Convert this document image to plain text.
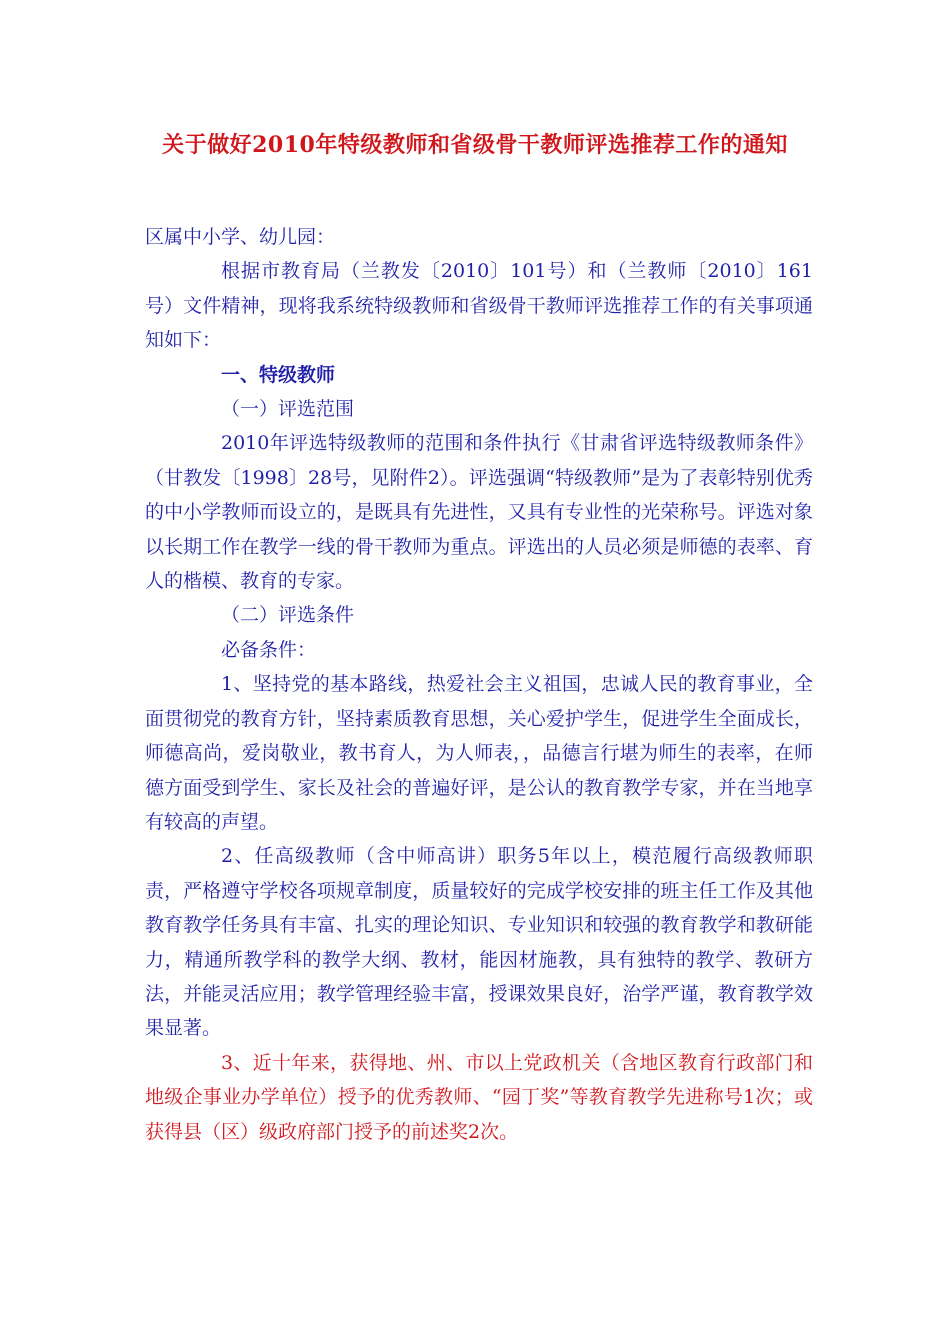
关于做好2010年特级教师和省级骨干教师评选推荐工作的通知

区属中小学、幼儿园：

根据市教育局（兰教发〔2010〕101号）和（兰教师〔2010〕161号）文件精神，现将我系统特级教师和省级骨干教师评选推荐工作的有关事项通知如下：

一、特级教师

（一）评选范围

2010年评选特级教师的范围和条件执行《甘肃省评选特级教师条件》（甘教发〔1998〕28号，见附件2）。评选强调“特级教师”是为了表彰特别优秀的中小学教师而设立的，是既具有先进性，又具有专业性的光荣称号。评选对象以长期工作在教学一线的骨干教师为重点。评选出的人员必须是师德的表率、育人的楷模、教育的专家。

（二）评选条件

必备条件：

1、坚持党的基本路线，热爱社会主义祖国，忠诚人民的教育事业，全面贯彻党的教育方针，坚持素质教育思想，关心爱护学生，促进学生全面成长，师德高尚，爱岗敬业，教书育人，为人师表，，品德言行堪为师生的表率，在师德方面受到学生、家长及社会的普遍好评，是公认的教育教学专家，并在当地享有较高的声望。

2、任高级教师（含中师高讲）职务5年以上，模范履行高级教师职责，严格遵守学校各项规章制度，质量较好的完成学校安排的班主任工作及其他教育教学任务具有丰富、扎实的理论知识、专业知识和较强的教育教学和教研能力，精通所教学科的教学大纲、教材，能因材施教，具有独特的教学、教研方法，并能灵活应用；教学管理经验丰富，授课效果良好，治学严谨，教育教学效果显著。

3、近十年来，获得地、州、市以上党政机关（含地区教育行政部门和地级企事业办学单位）授予的优秀教师、“园丁奖”等教育教学先进称号1次；或获得县（区）级政府部门授予的前述奖2次。
